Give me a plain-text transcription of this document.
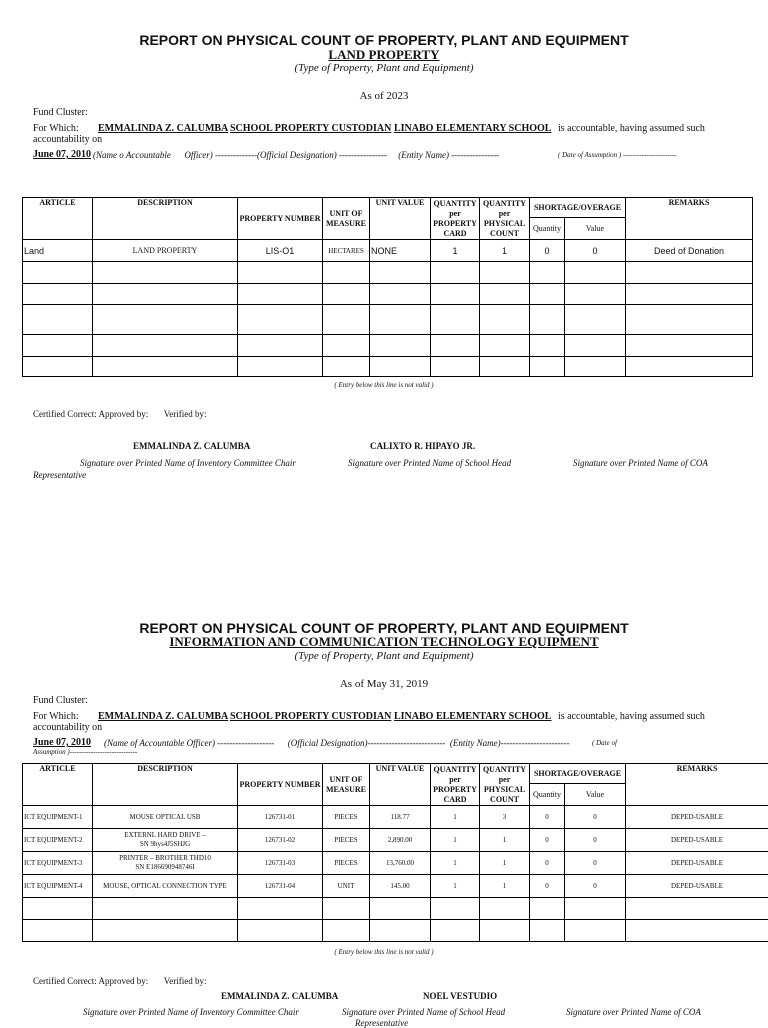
REPORT ON PHYSICAL COUNT OF PROPERTY, PLANT AND EQUIPMENT
LAND PROPERTY
(Type of Property, Plant and Equipment)
As of 2023
Fund Cluster:
For Which: EMMALINDA Z. CALUMBA SCHOOL PROPERTY CUSTODIAN LINABO ELEMENTARY SCHOOL is accountable, having assumed such
accountability on
June 07, 2010 (Name o Accountable      Officer) --------------(Official Designation) ----------------     (Entity Name) ----------------	( Date of Assumption ) -----------------------
ARTICLE	DESCRIPTION	PROPERTY NUMBER	UNIT OF MEASURE	UNIT VALUE	QUANTITY per PROPERTY CARD	QUANTITY per PHYSICAL COUNT	SHORTAGE/OVERAGE		REMARKS
							Quantity	Value	
Land	LAND PROPERTY	LIS-O1	HECTARES	NONE	1	1	0	0	Deed of Donation

( Entry below this line is not valid )
Certified Correct: Approved by:       Verified by:
EMMALINDA Z. CALUMBA	CALIXTO R. HIPAYO JR.
Signature over Printed Name of Inventory Committee Chair	Signature over Printed Name of School Head	Signature over Printed Name of COA
Representative
REPORT ON PHYSICAL COUNT OF PROPERTY, PLANT AND EQUIPMENT
INFORMATION AND COMMUNICATION TECHNOLOGY EQUIPMENT
(Type of Property, Plant and Equipment)
As of May 31, 2019
Fund Cluster:
For Which: EMMALINDA Z. CALUMBA SCHOOL PROPERTY CUSTODIAN LINABO ELEMENTARY SCHOOL is accountable, having assumed such
accountability on
June 07, 2010 (Name of Accountable Officer) -------------------      (Official Designation)--------------------------  (Entity Name)-----------------------	( Date of
Assumption )-----------------------------
ARTICLE	DESCRIPTION	PROPERTY NUMBER	UNIT OF MEASURE	UNIT VALUE	QUANTITY per PROPERTY CARD	QUANTITY per PHYSICAL COUNT	SHORTAGE/OVERAGE		REMARKS
							Quantity	Value	
ICT EQUIPMENT-1	MOUSE OPTICAL USB	126731-01	PIECES	118.77	1	3	0	0	DEPED-USABLE
ICT EQUIPMENT-2	EXTERNL HARD DRIVE –
SN 9hys4J5SHJG	126731-02	PIECES	2,890.00	1	1	0	0	DEPED-USABLE
ICT EQUIPMENT-3	PRINTER – BROTHER THD10
SN E186690948746I	126731-03	PIECES	13,760.00	1	1	0	0	DEPED-USABLE
ICT EQUIPMENT-4	MOUSE, OPTICAL CONNECTION TYPE	126731-04	UNIT	145.00	1	1	0	0	DEPED-USABLE

( Entry below this line is not valid )
Certified Correct: Approved by:       Verified by:
EMMALINDA Z. CALUMBA	NOEL VESTUDIO
Signature over Printed Name of Inventory Committee Chair	Signature over Printed Name of School Head	Signature over Printed Name of COA
Representative
